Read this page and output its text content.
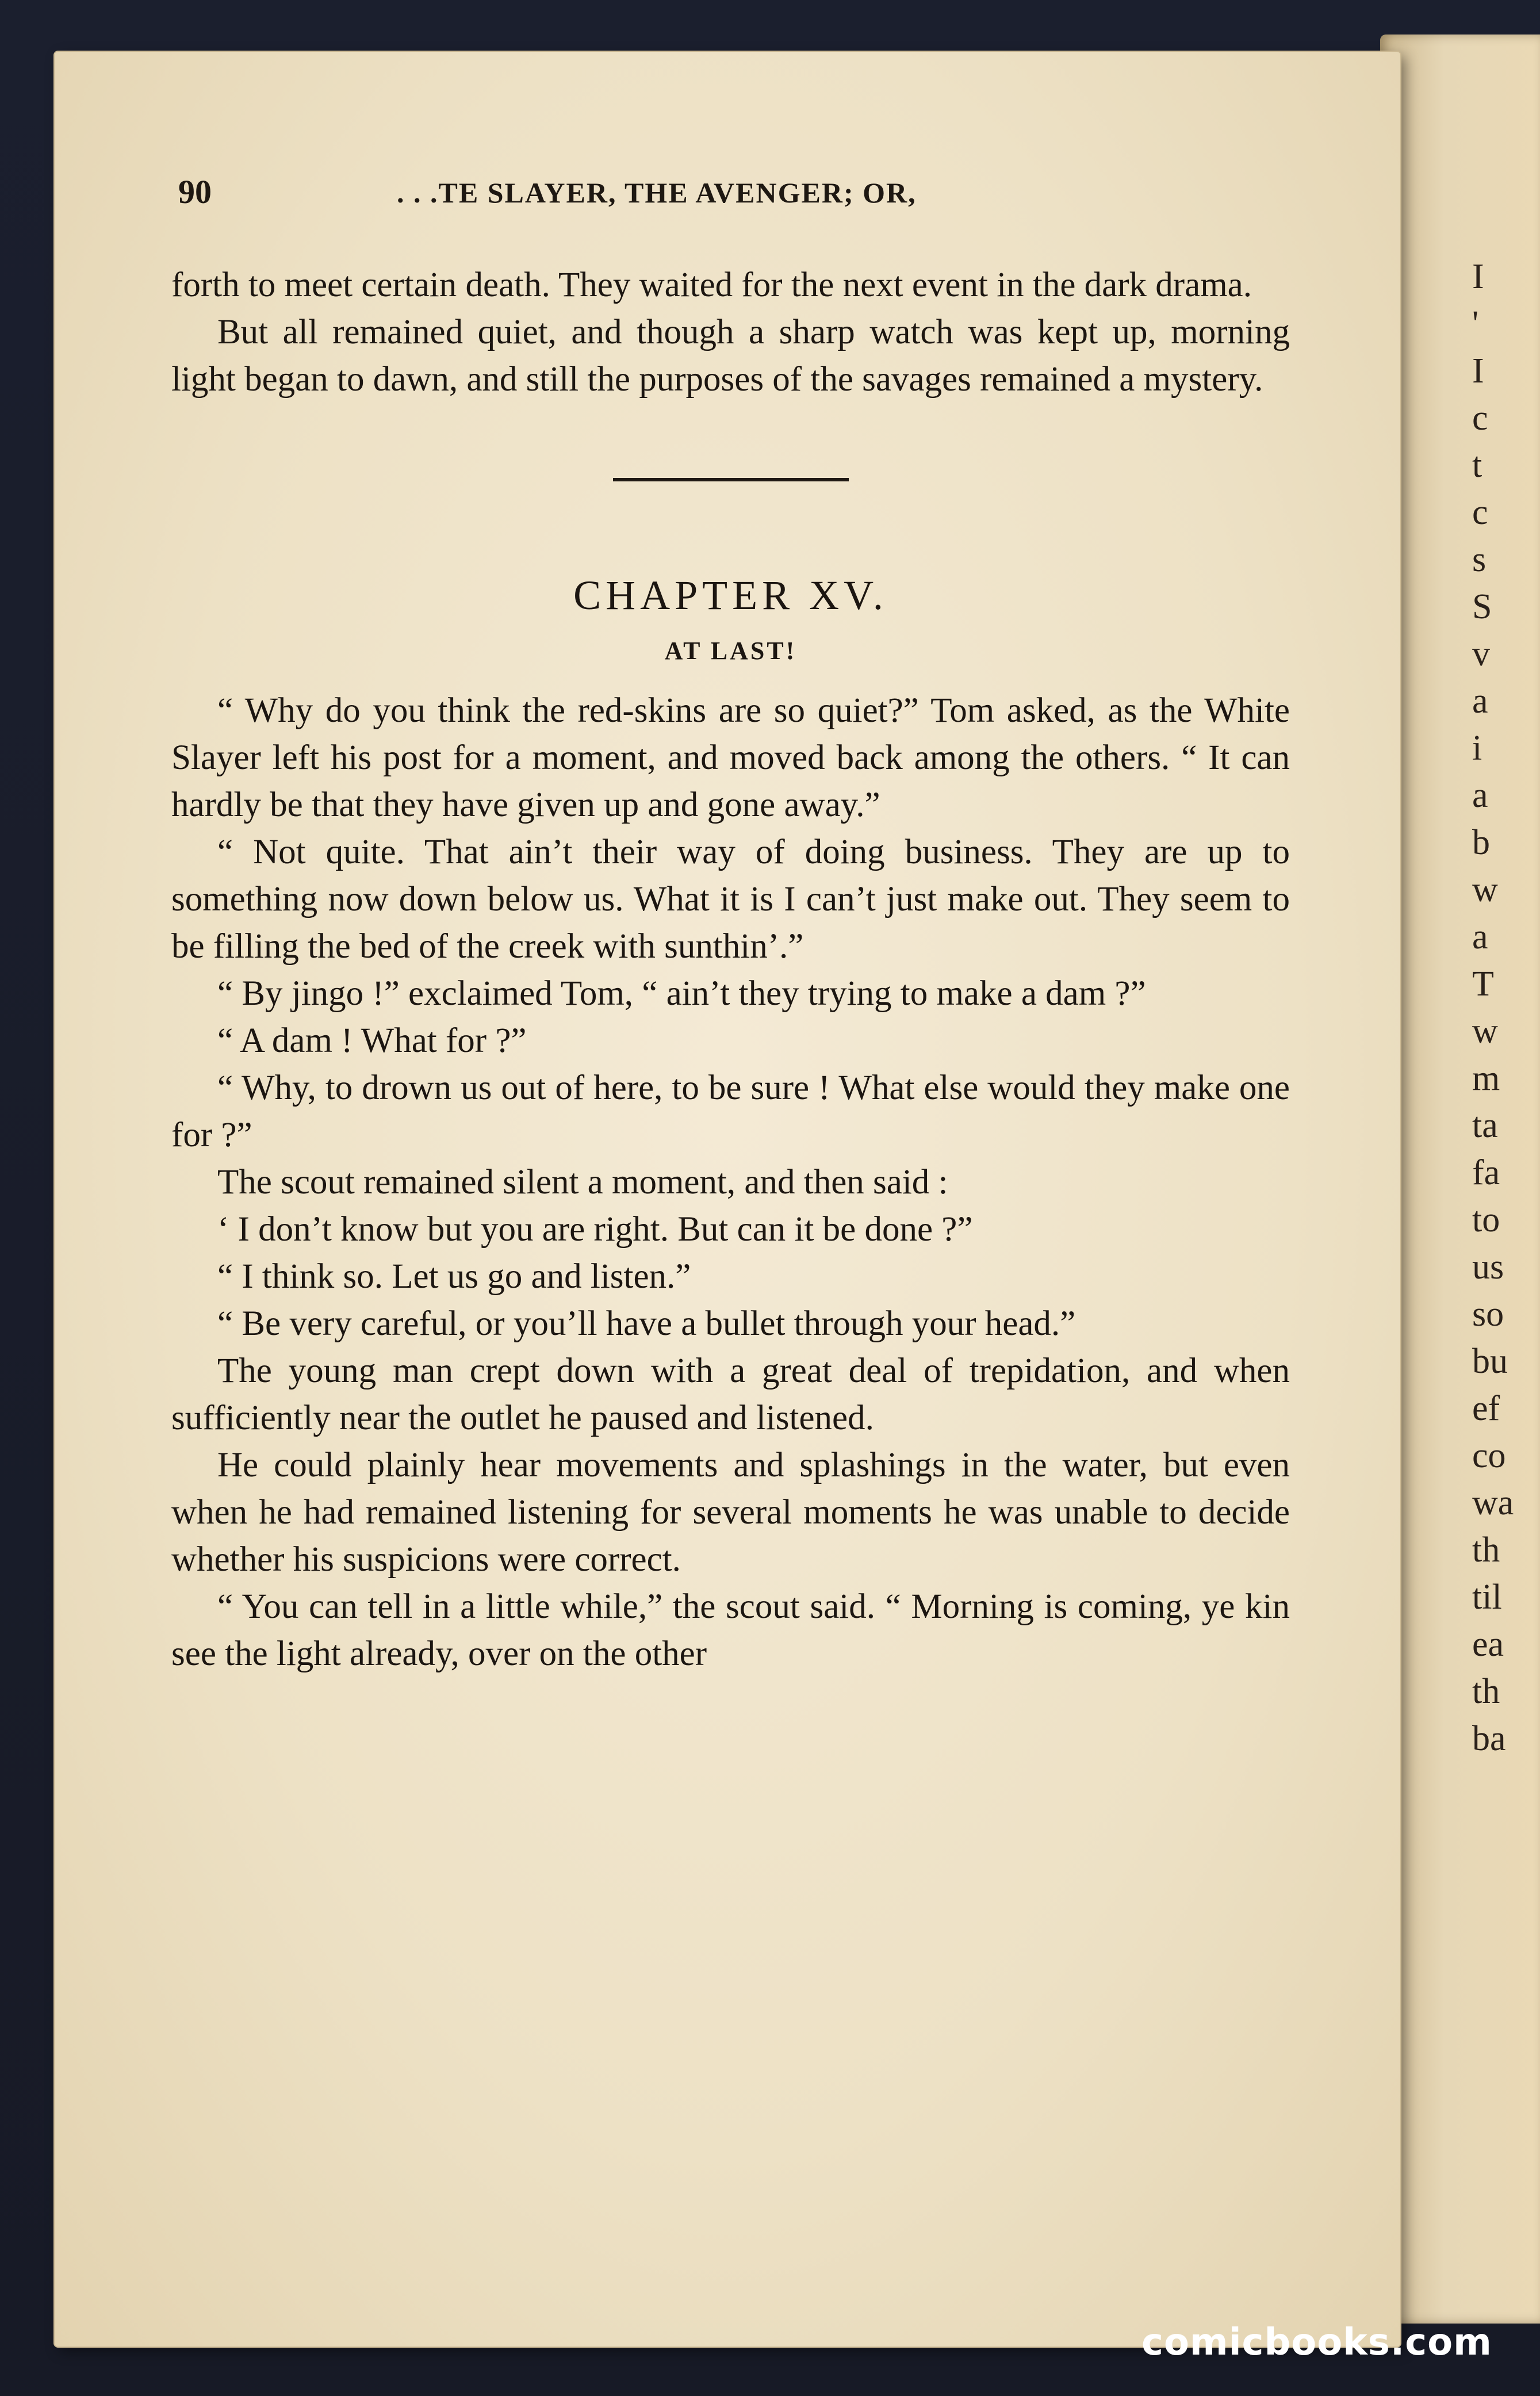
I
'
I
c
t
c
s
S
v
a
i
a
b
w
a
T
w
m
ta
fa
to
us
so
bu
ef
co
wa
th
til
ea
th
ba
90	. . .TE SLAYER, THE AVENGER; OR,

forth to meet certain death. They waited for the next event in the dark drama.

But all remained quiet, and though a sharp watch was kept up, morning light began to dawn, and still the purposes of the savages remained a mystery.

CHAPTER XV.
AT LAST!

“ Why do you think the red-skins are so quiet?” Tom asked, as the White Slayer left his post for a moment, and moved back among the others. “ It can hardly be that they have given up and gone away.”

“ Not quite. That ain’t their way of doing business. They are up to something now down below us. What it is I can’t just make out. They seem to be filling the bed of the creek with sunthin’.”

“ By jingo !” exclaimed Tom, “ ain’t they trying to make a dam ?”

“ A dam ! What for ?”

“ Why, to drown us out of here, to be sure ! What else would they make one for ?”

The scout remained silent a moment, and then said :

‘ I don’t know but you are right. But can it be done ?”

“ I think so. Let us go and listen.”

“ Be very careful, or you’ll have a bullet through your head.”

The young man crept down with a great deal of trepidation, and when sufficiently near the outlet he paused and listened.

He could plainly hear movements and splashings in the water, but even when he had remained listening for several moments he was unable to decide whether his suspicions were correct.

“ You can tell in a little while,” the scout said. “ Morning is coming, ye kin see the light already, over on the other

comicbooks.com
